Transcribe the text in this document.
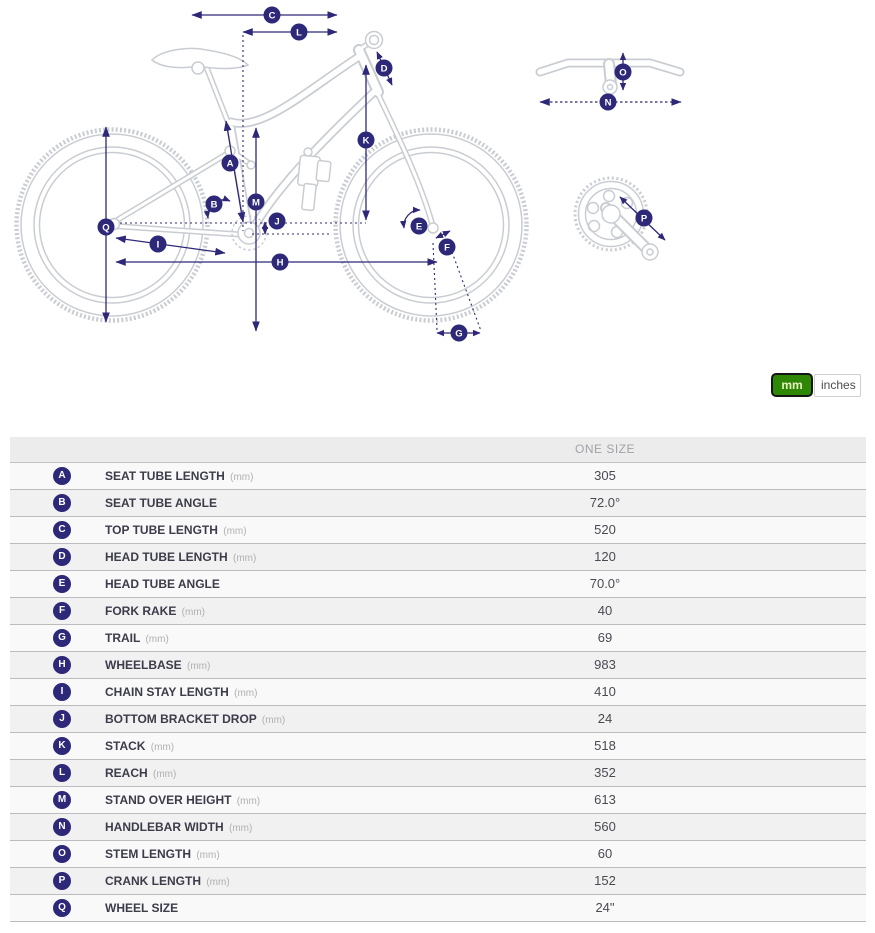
A
B
C
D
E
F
G
H
I
J
K
L
M
N
O
P
Q
mm	inches
ONE SIZE
A	SEAT TUBE LENGTH (mm)	305
B	SEAT TUBE ANGLE	72.0°
C	TOP TUBE LENGTH (mm)	520
D	HEAD TUBE LENGTH (mm)	120
E	HEAD TUBE ANGLE	70.0°
F	FORK RAKE (mm)	40
G	TRAIL (mm)	69
H	WHEELBASE (mm)	983
I	CHAIN STAY LENGTH (mm)	410
J	BOTTOM BRACKET DROP (mm)	24
K	STACK (mm)	518
L	REACH (mm)	352
M	STAND OVER HEIGHT (mm)	613
N	HANDLEBAR WIDTH (mm)	560
O	STEM LENGTH (mm)	60
P	CRANK LENGTH (mm)	152
Q	WHEEL SIZE	24"
